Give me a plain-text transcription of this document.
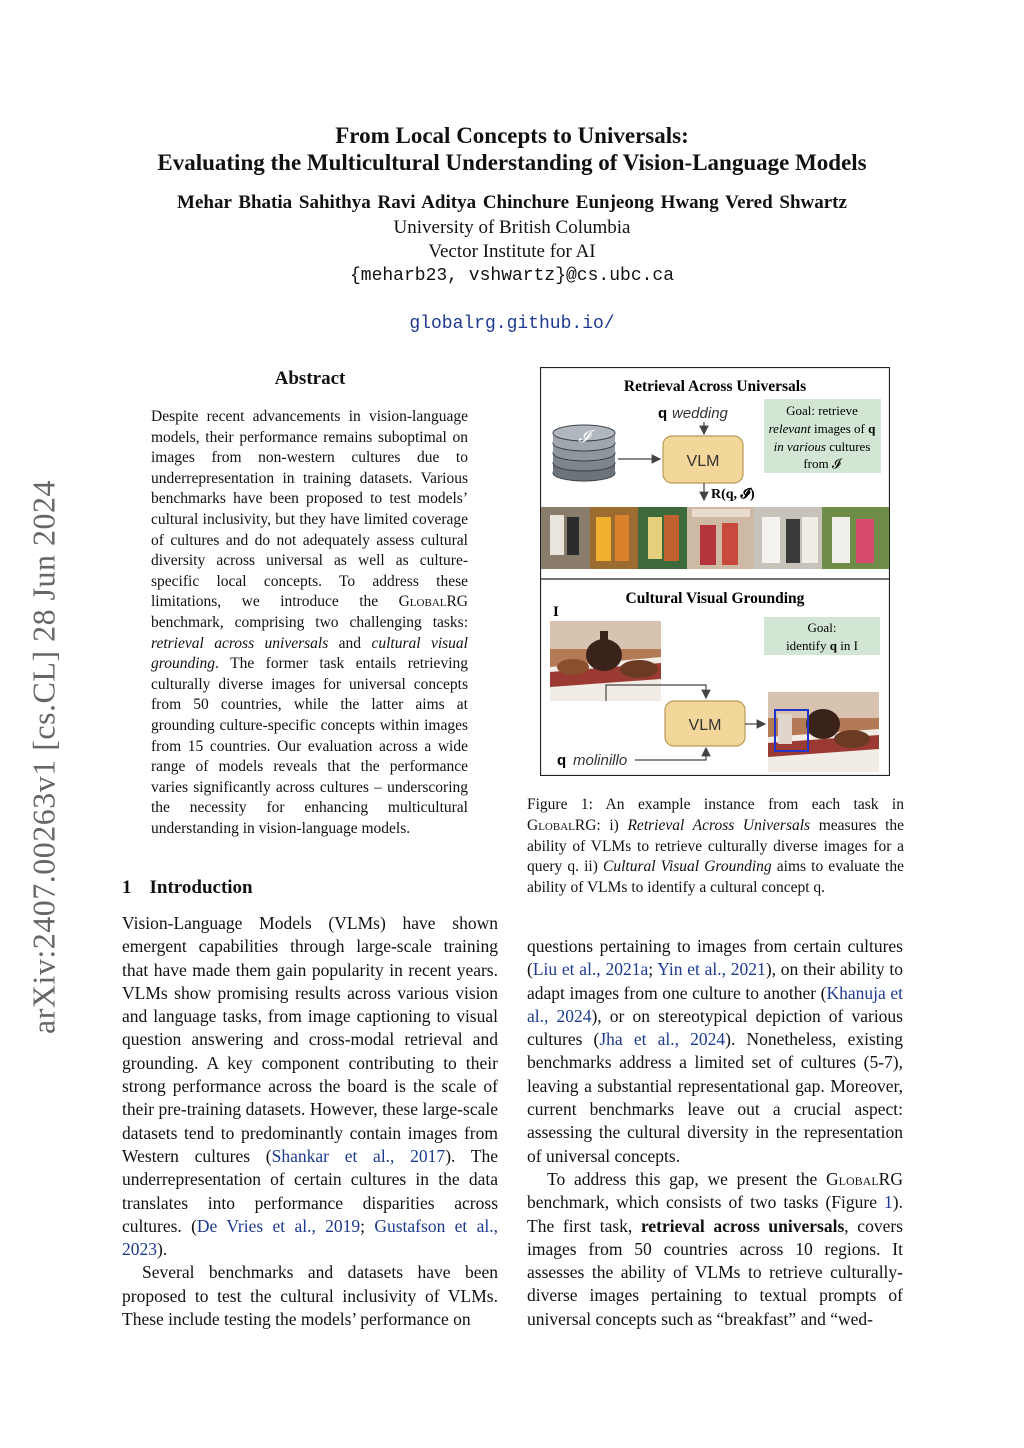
arXiv:2407.00263v1 [cs.CL] 28 Jun 2024
From Local Concepts to Universals:
Evaluating the Multicultural Understanding of Vision-Language Models
Mehar Bhatia Sahithya Ravi Aditya Chinchure Eunjeong Hwang Vered Shwartz
University of British Columbia
Vector Institute for AI
{meharb23, vshwartz}@cs.ubc.ca
globalrg.github.io/
Abstract
Despite recent advancements in vision-language models, their performance remains suboptimal on images from non-western cultures due to underrepresentation in training datasets. Various benchmarks have been proposed to test models’ cultural inclusivity, but they have limited coverage of cultures and do not adequately assess cultural diversity across universal as well as culture-specific local concepts. To address these limitations, we introduce the GlobalRG benchmark, comprising two challenging tasks: retrieval across universals and cultural visual grounding. The former task entails retrieving culturally diverse images for universal concepts from 50 countries, while the latter aims at grounding culture-specific concepts within images from 15 countries. Our evaluation across a wide range of models reveals that the performance varies significantly across cultures – underscoring the necessity for enhancing multicultural understanding in vision-language models.
1 Introduction

Vision-Language Models (VLMs) have shown emergent capabilities through large-scale training that have made them gain popularity in recent years. VLMs show promising results across various vision and language tasks, from image captioning to visual question answering and cross-modal retrieval and grounding. A key component contributing to their strong performance across the board is the scale of their pre-training datasets. However, these large-scale datasets tend to predominantly contain images from Western cultures (Shankar et al., 2017). The underrepresentation of certain cultures in the data translates into performance disparities across cultures. (De Vries et al., 2019; Gustafson et al., 2023).

Several benchmarks and datasets have been proposed to test the cultural inclusivity of VLMs. These include testing the models’ performance on

questions pertaining to images from certain cultures (Liu et al., 2021a; Yin et al., 2021), on their ability to adapt images from one culture to another (Khanuja et al., 2024), or on stereotypical depiction of various cultures (Jha et al., 2024). Nonetheless, existing benchmarks address a limited set of cultures (5-7), leaving a substantial representational gap. Moreover, current benchmarks leave out a crucial aspect: assessing the cultural diversity in the representation of universal concepts.

To address this gap, we present the GlobalRG benchmark, which consists of two tasks (Figure 1). The first task, retrieval across universals, covers images from 50 countries across 10 regions. It assesses the ability of VLMs to retrieve culturally-diverse images pertaining to textual prompts of universal concepts such as “breakfast” and “wed-

Retrieval Across Universals
𝓘
q wedding
VLM
R(q, 𝓘)
Goal: retrieve
relevant images of q
in various cultures
from 𝓘
Cultural Visual Grounding
I
Goal:
identify q in I
VLM
q molinillo
Figure 1: An example instance from each task in GlobalRG: i) Retrieval Across Universals measures the ability of VLMs to retrieve culturally diverse images for a query q. ii) Cultural Visual Grounding aims to evaluate the ability of VLMs to identify a cultural concept q.
